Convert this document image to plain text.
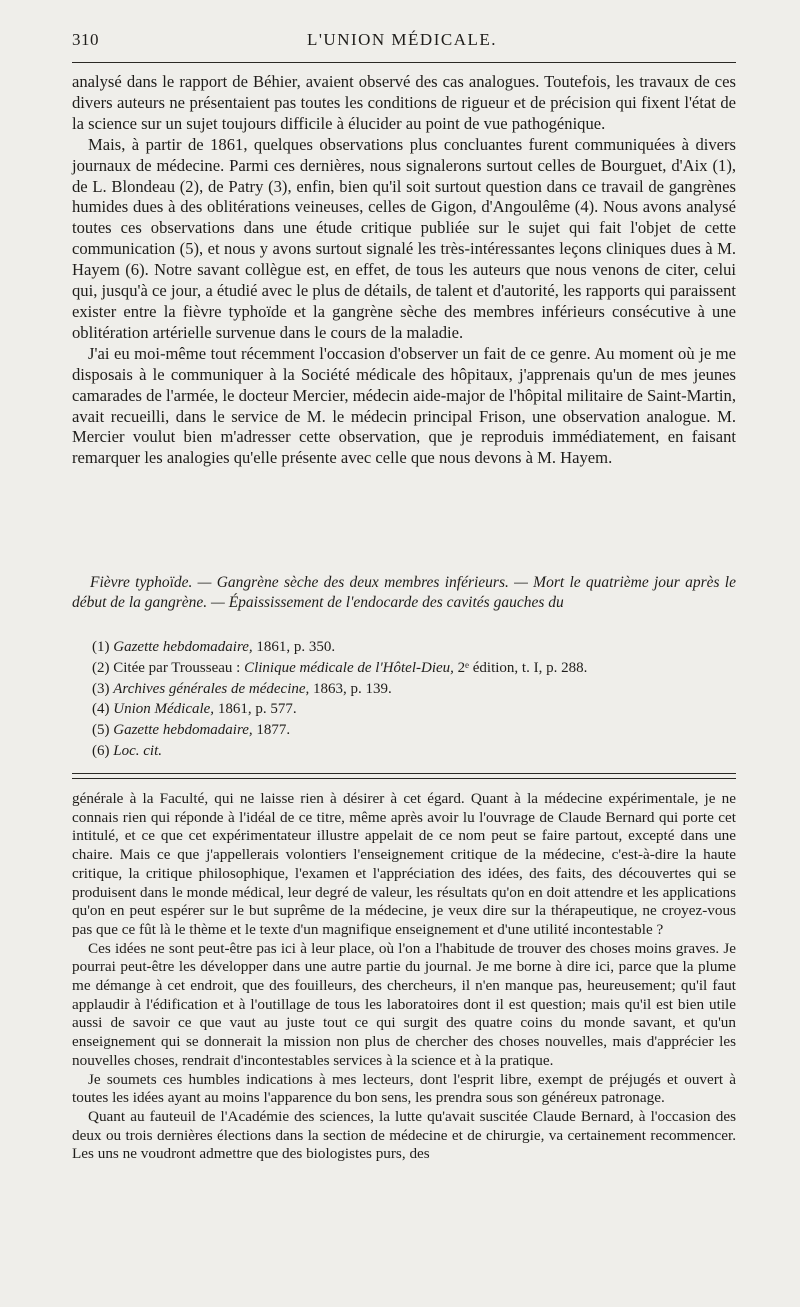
310	L'UNION MÉDICALE.

analysé dans le rapport de Béhier, avaient observé des cas analogues. Toutefois, les travaux de ces divers auteurs ne présentaient pas toutes les conditions de rigueur et de précision qui fixent l'état de la science sur un sujet toujours difficile à élucider au point de vue pathogénique.

Mais, à partir de 1861, quelques observations plus concluantes furent communiquées à divers journaux de médecine. Parmi ces dernières, nous signalerons surtout celles de Bourguet, d'Aix (1), de L. Blondeau (2), de Patry (3), enfin, bien qu'il soit surtout question dans ce travail de gangrènes humides dues à des oblitérations veineuses, celles de Gigon, d'Angoulême (4). Nous avons analysé toutes ces observations dans une étude critique publiée sur le sujet qui fait l'objet de cette communication (5), et nous y avons surtout signalé les très-intéressantes leçons cliniques dues à M. Hayem (6). Notre savant collègue est, en effet, de tous les auteurs que nous venons de citer, celui qui, jusqu'à ce jour, a étudié avec le plus de détails, de talent et d'autorité, les rapports qui paraissent exister entre la fièvre typhoïde et la gangrène sèche des membres inférieurs consécutive à une oblitération artérielle survenue dans le cours de la maladie.

J'ai eu moi-même tout récemment l'occasion d'observer un fait de ce genre. Au moment où je me disposais à le communiquer à la Société médicale des hôpitaux, j'apprenais qu'un de mes jeunes camarades de l'armée, le docteur Mercier, médecin aide-major de l'hôpital militaire de Saint-Martin, avait recueilli, dans le service de M. le médecin principal Frison, une observation analogue. M. Mercier voulut bien m'adresser cette observation, que je reproduis immédiatement, en faisant remarquer les analogies qu'elle présente avec celle que nous devons à M. Hayem.

Fièvre typhoïde. — Gangrène sèche des deux membres inférieurs. — Mort le quatrième jour après le début de la gangrène. — Épaississement de l'endocarde des cavités gauches du
(1) Gazette hebdomadaire, 1861, p. 350.
(2) Citée par Trousseau : Clinique médicale de l'Hôtel-Dieu, 2ᵉ édition, t. I, p. 288.
(3) Archives générales de médecine, 1863, p. 139.
(4) Union Médicale, 1861, p. 577.
(5) Gazette hebdomadaire, 1877.
(6) Loc. cit.

générale à la Faculté, qui ne laisse rien à désirer à cet égard. Quant à la médecine expérimentale, je ne connais rien qui réponde à l'idéal de ce titre, même après avoir lu l'ouvrage de Claude Bernard qui porte cet intitulé, et ce que cet expérimentateur illustre appelait de ce nom peut se faire partout, excepté dans une chaire. Mais ce que j'appellerais volontiers l'enseignement critique de la médecine, c'est-à-dire la haute critique, la critique philosophique, l'examen et l'appréciation des idées, des faits, des découvertes qui se produisent dans le monde médical, leur degré de valeur, les résultats qu'on en doit attendre et les applications qu'on en peut espérer sur le but suprême de la médecine, je veux dire sur la thérapeutique, ne croyez-vous pas que ce fût là le thème et le texte d'un magnifique enseignement et d'une utilité incontestable ?

Ces idées ne sont peut-être pas ici à leur place, où l'on a l'habitude de trouver des choses moins graves. Je pourrai peut-être les développer dans une autre partie du journal. Je me borne à dire ici, parce que la plume me démange à cet endroit, que des fouilleurs, des chercheurs, il n'en manque pas, heureusement; qu'il faut applaudir à l'édification et à l'outillage de tous les laboratoires dont il est question; mais qu'il est bien utile aussi de savoir ce que vaut au juste tout ce qui surgit des quatre coins du monde savant, et qu'un enseignement qui se donnerait la mission non plus de chercher des choses nouvelles, mais d'apprécier les nouvelles choses, rendrait d'incontestables services à la science et à la pratique.

Je soumets ces humbles indications à mes lecteurs, dont l'esprit libre, exempt de préjugés et ouvert à toutes les idées ayant au moins l'apparence du bon sens, les prendra sous son généreux patronage.

Quant au fauteuil de l'Académie des sciences, la lutte qu'avait suscitée Claude Bernard, à l'occasion des deux ou trois dernières élections dans la section de médecine et de chirurgie, va certainement recommencer. Les uns ne voudront admettre que des biologistes purs, des
